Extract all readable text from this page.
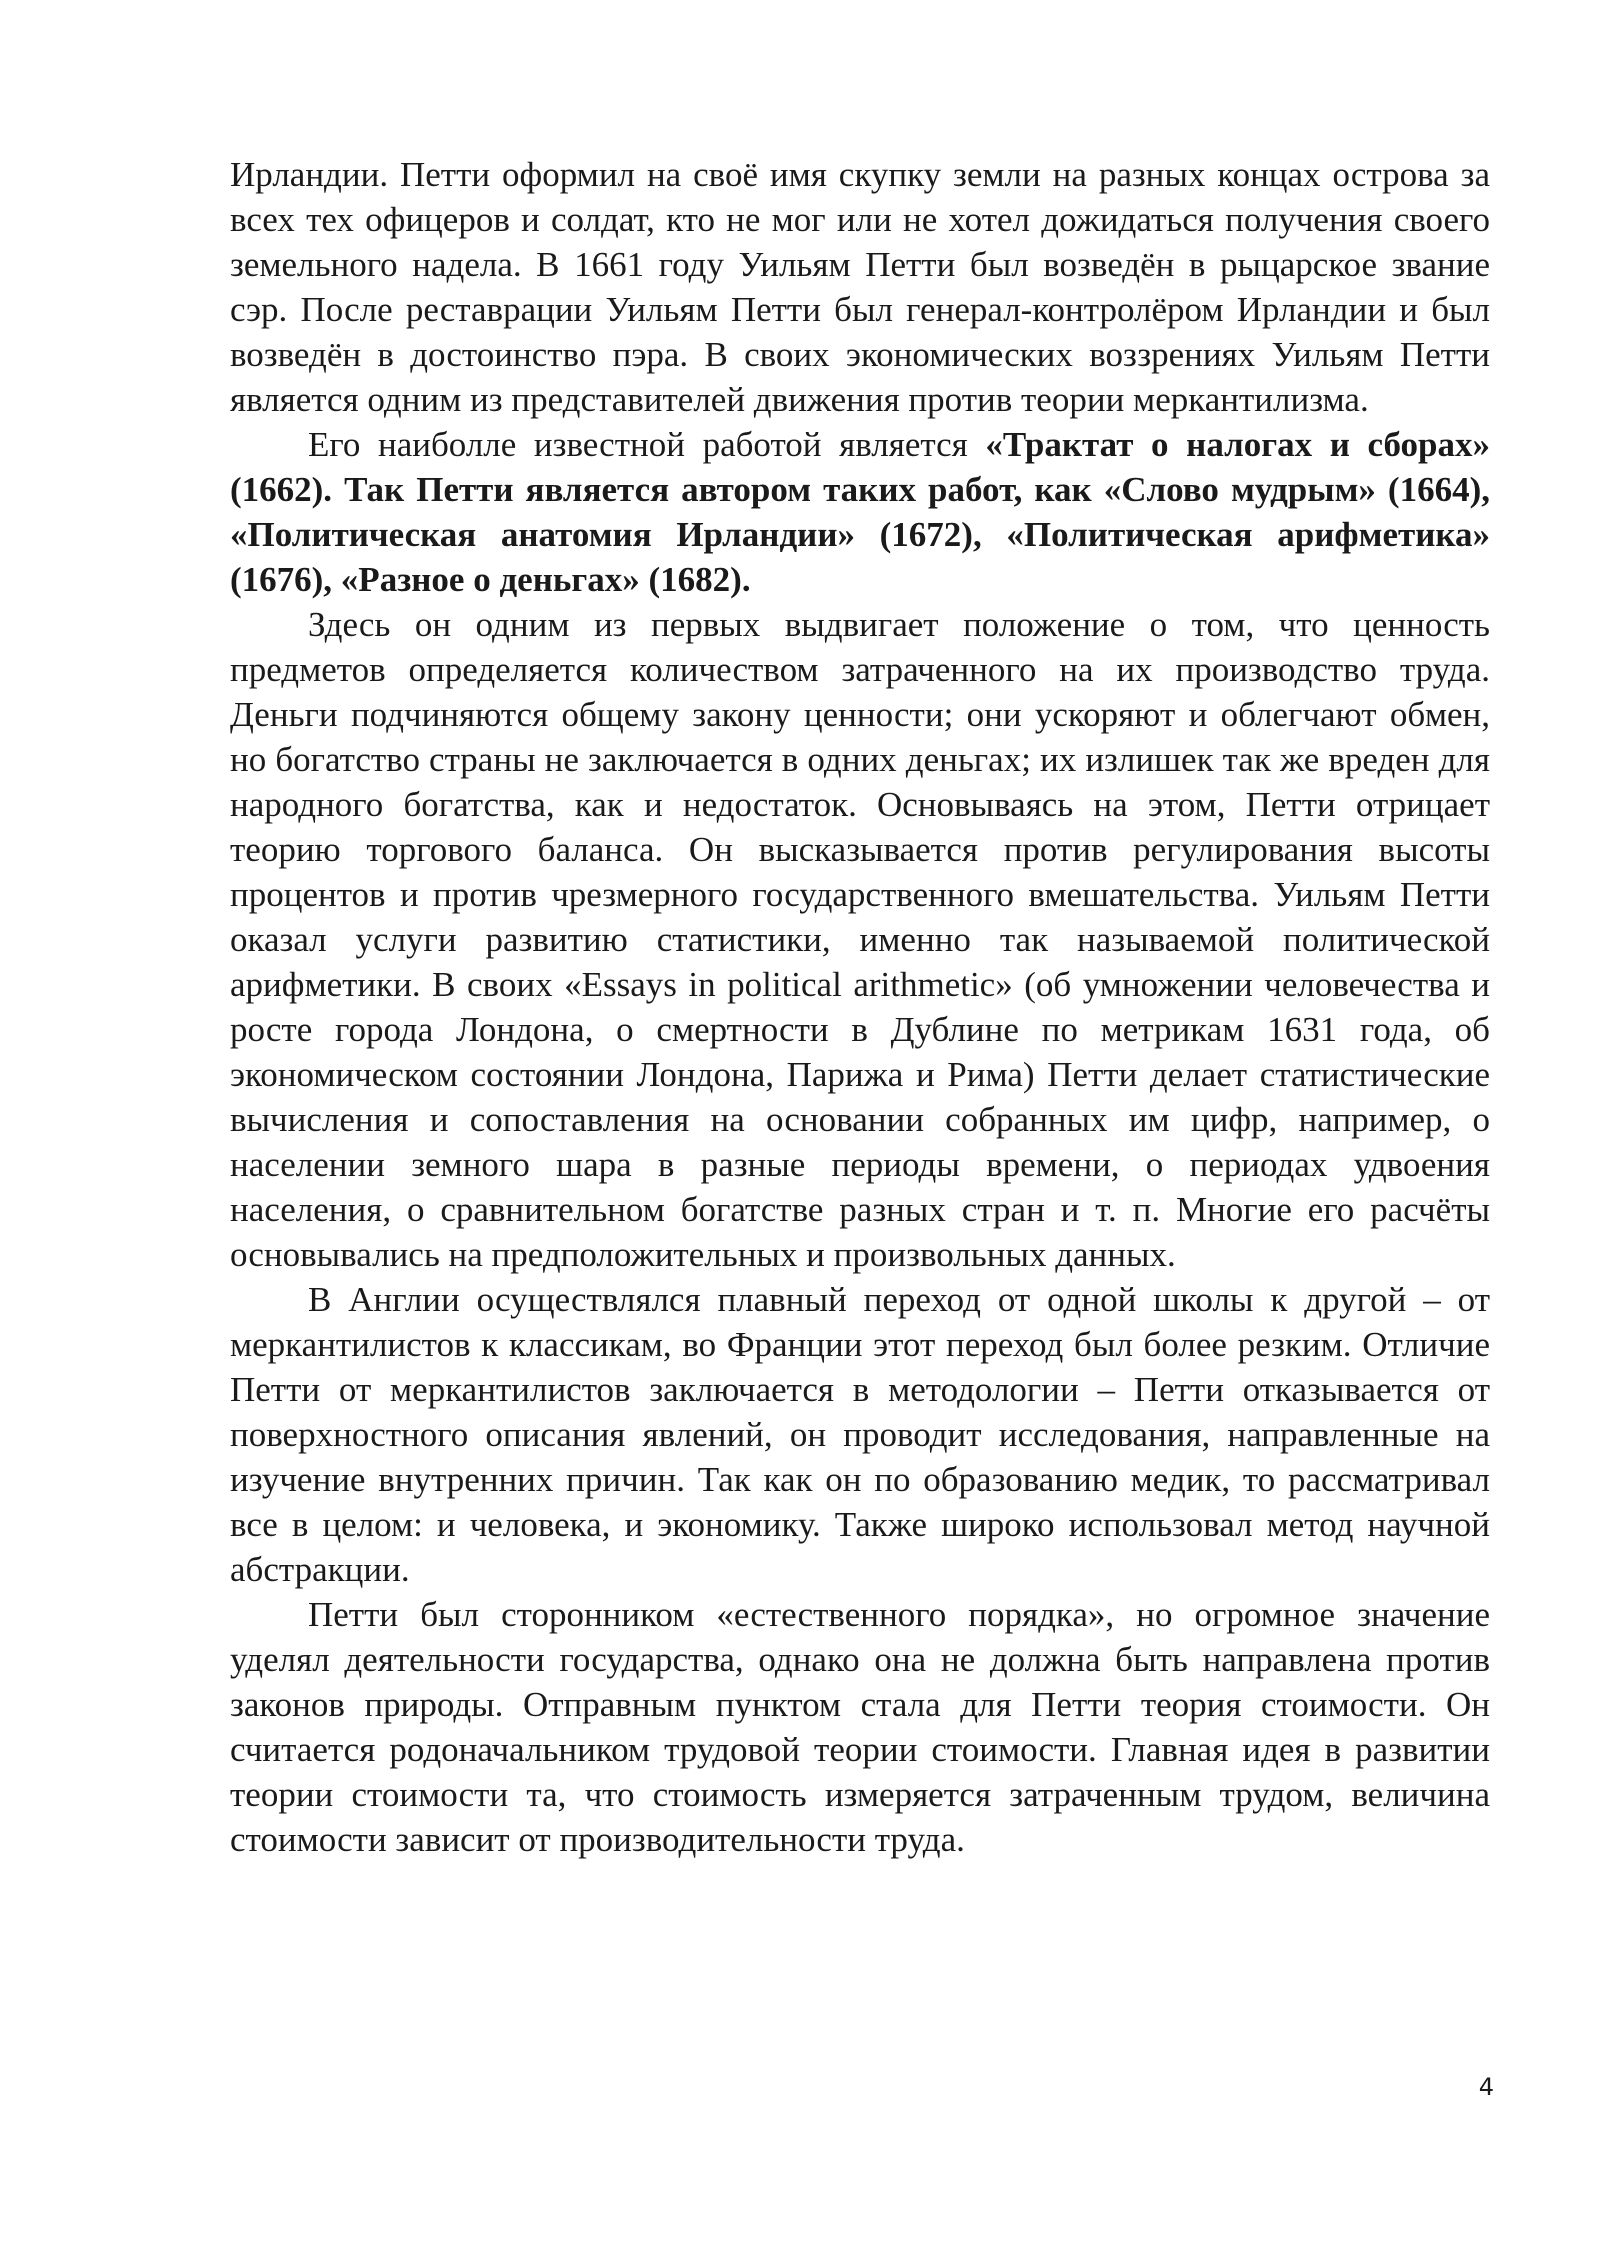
Ирландии. Петти оформил на своё имя скупку земли на разных концах острова за всех тех офицеров и солдат, кто не мог или не хотел дожидаться получения своего земельного надела. В 1661 году Уильям Петти был возведён в рыцарское звание сэр. После реставрации Уильям Петти был генерал-контролёром Ирландии и был возведён в достоинство пэра. В своих экономических воззрениях Уильям Петти является одним из представителей движения против теории меркантилизма.

Его наиболле известной работой является «Трактат о налогах и сборах» (1662). Так Петти является автором таких работ, как «Слово мудрым» (1664), «Политическая анатомия Ирландии» (1672), «Политическая арифметика» (1676), «Разное о деньгах» (1682).

Здесь он одним из первых выдвигает положение о том, что ценность предметов определяется количеством затраченного на их производство труда. Деньги подчиняются общему закону ценности; они ускоряют и облегчают обмен, но богатство страны не заключается в одних деньгах; их излишек так же вреден для народного богатства, как и недостаток. Основываясь на этом, Петти отрицает теорию торгового баланса. Он высказывается против регулирования высоты процентов и против чрезмерного государственного вмешательства. Уильям Петти оказал услуги развитию статистики, именно так называемой политической арифметики. В своих «Essays in political arithmetic» (об умножении человечества и росте города Лондона, о смертности в Дублине по метрикам 1631 года, об экономическом состоянии Лондона, Парижа и Рима) Петти делает статистические вычисления и сопоставления на основании собранных им цифр, например, о населении земного шара в разные периоды времени, о периодах удвоения населения, о сравнительном богатстве разных стран и т. п. Многие его расчёты основывались на предположительных и произвольных данных.

В Англии осуществлялся плавный переход от одной школы к другой – от меркантилистов к классикам, во Франции этот переход был более резким. Отличие Петти от меркантилистов заключается в методологии – Петти отказывается от поверхностного описания явлений, он проводит исследования, направленные на изучение внутренних причин. Так как он по образованию медик, то рассматривал все в целом: и человека, и экономику. Также широко использовал метод научной абстракции.

Петти был сторонником «естественного порядка», но огромное значение уделял деятельности государства, однако она не должна быть направлена против законов природы. Отправным пунктом стала для Петти теория стоимости. Он считается родоначальником трудовой теории стоимости. Главная идея в развитии теории стоимости та, что стоимость измеряется затраченным трудом, величина стоимости зависит от производительности труда.

4
